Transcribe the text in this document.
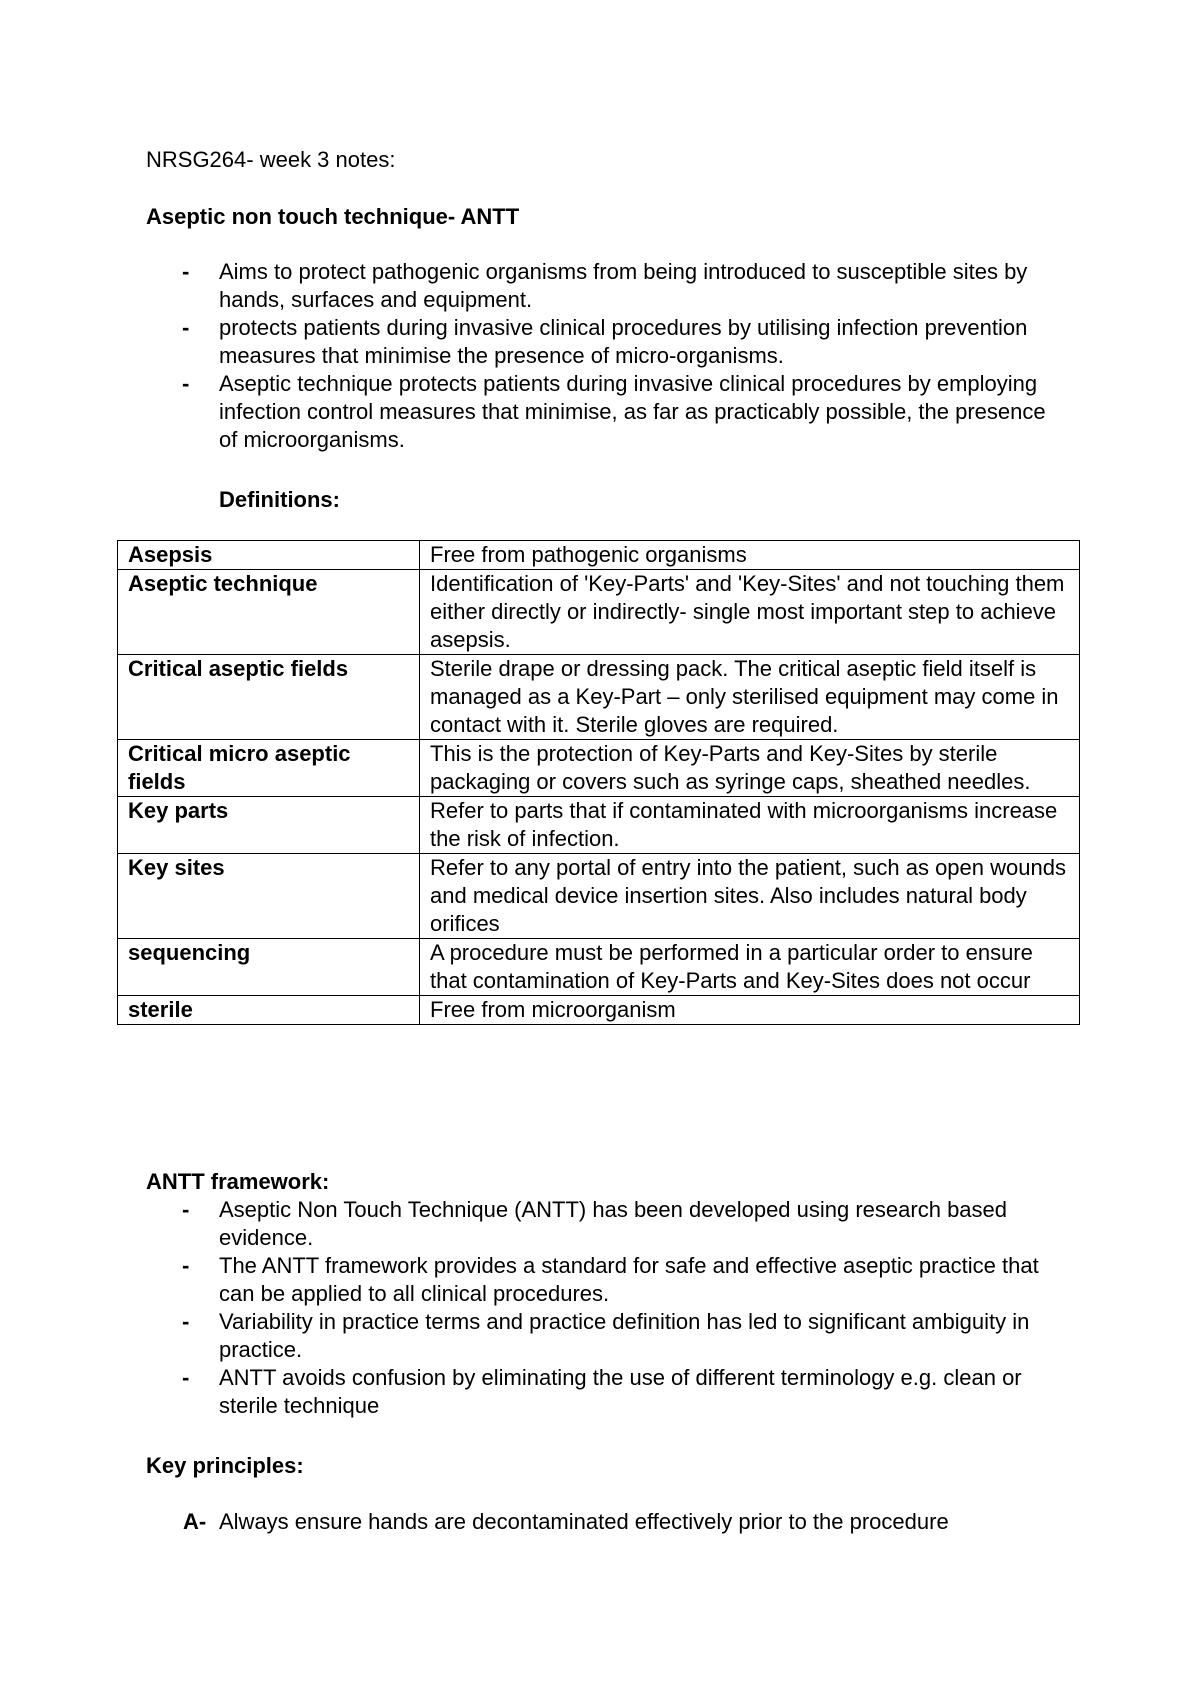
NRSG264- week 3 notes:
Aseptic non touch technique- ANTT
- Aims to protect pathogenic organisms from being introduced to susceptible sites by hands, surfaces and equipment.
- protects patients during invasive clinical procedures by utilising infection prevention measures that minimise the presence of micro-organisms.
- Aseptic technique protects patients during invasive clinical procedures by employing infection control measures that minimise, as far as practicably possible, the presence of microorganisms.
Definitions:
Asepsis	Free from pathogenic organisms
Aseptic technique	Identification of 'Key-Parts' and 'Key-Sites' and not touching them either directly or indirectly- single most important step to achieve asepsis.
Critical aseptic fields	Sterile drape or dressing pack. The critical aseptic field itself is managed as a Key-Part – only sterilised equipment may come in contact with it. Sterile gloves are required.
Critical micro aseptic fields	This is the protection of Key-Parts and Key-Sites by sterile packaging or covers such as syringe caps, sheathed needles.
Key parts	Refer to parts that if contaminated with microorganisms increase the risk of infection.
Key sites	Refer to any portal of entry into the patient, such as open wounds and medical device insertion sites. Also includes natural body orifices
sequencing	A procedure must be performed in a particular order to ensure that contamination of Key-Parts and Key-Sites does not occur
sterile	Free from microorganism
ANTT framework:
- Aseptic Non Touch Technique (ANTT) has been developed using research based evidence.
- The ANTT framework provides a standard for safe and effective aseptic practice that can be applied to all clinical procedures.
- Variability in practice terms and practice definition has led to significant ambiguity in practice.
- ANTT avoids confusion by eliminating the use of different terminology e.g. clean or sterile technique
Key principles:
A- Always ensure hands are decontaminated effectively prior to the procedure
